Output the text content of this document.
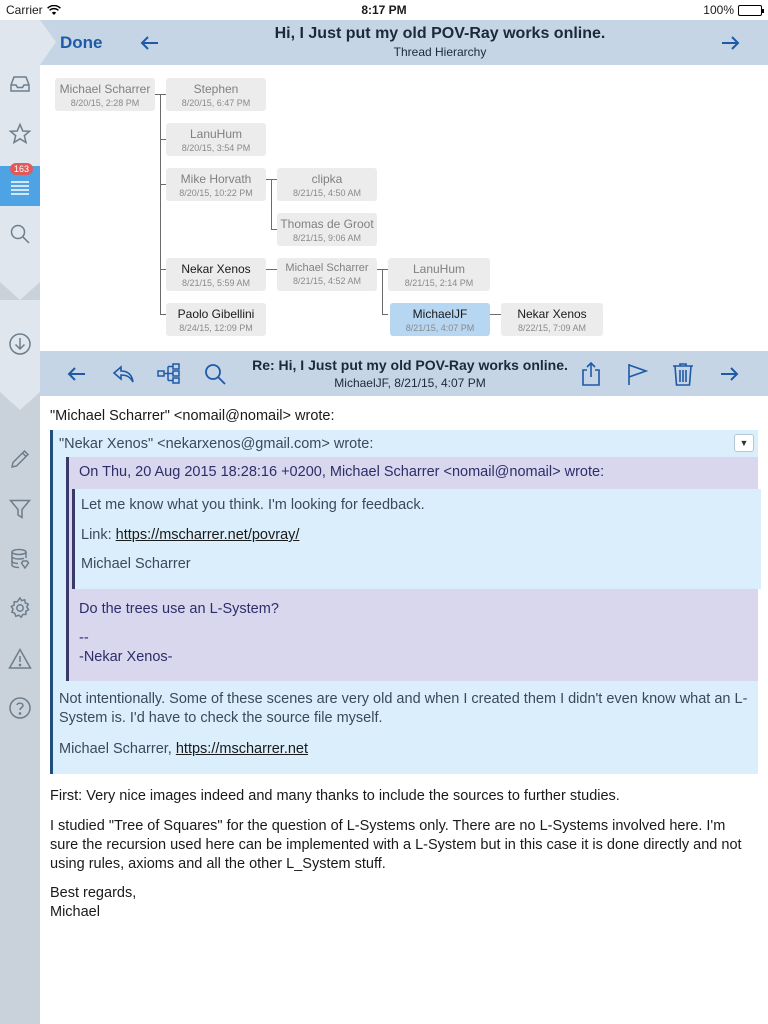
Carrier	8:17 PM	100%
163
Done	Hi, I Just put my old POV-Ray works online.
Thread Hierarchy
Michael Scharrer
8/20/15, 2:28 PM
Stephen
8/20/15, 6:47 PM
LanuHum
8/20/15, 3:54 PM
Mike Horvath
8/20/15, 10:22 PM
clipka
8/21/15, 4:50 AM
Thomas de Groot
8/21/15, 9:06 AM
Nekar Xenos
8/21/15, 5:59 AM
Michael Scharrer
8/21/15, 4:52 AM
LanuHum
8/21/15, 2:14 PM
Paolo Gibellini
8/24/15, 12:09 PM
MichaelJF
8/21/15, 4:07 PM
Nekar Xenos
8/22/15, 7:09 AM
Re: Hi, I Just put my old POV-Ray works online.
MichaelJF, 8/21/15, 4:07 PM

"Michael Scharrer" <nomail@nomail> wrote:

"Nekar Xenos" <nekarxenos@gmail.com> wrote:	▼

On Thu, 20 Aug 2015 18:28:16 +0200, Michael Scharrer <nomail@nomail> wrote:

Let me know what you think. I'm looking for feedback.

Link: https://mscharrer.net/povray/

Michael Scharrer

Do the trees use an L-System?

--

-Nekar Xenos-

Not intentionally. Some of these scenes are very old and when I created them I didn't even know what an L-System is. I'd have to check the source file myself.

Michael Scharrer, https://mscharrer.net

First: Very nice images indeed and many thanks to include the sources to further studies.

I studied "Tree of Squares" for the question of L-Systems only. There are no L-Systems involved here. I'm sure the recursion used here can be implemented with a L-System but in this case it is done directly and not using rules, axioms and all the other L_System stuff.

Best regards,

Michael
